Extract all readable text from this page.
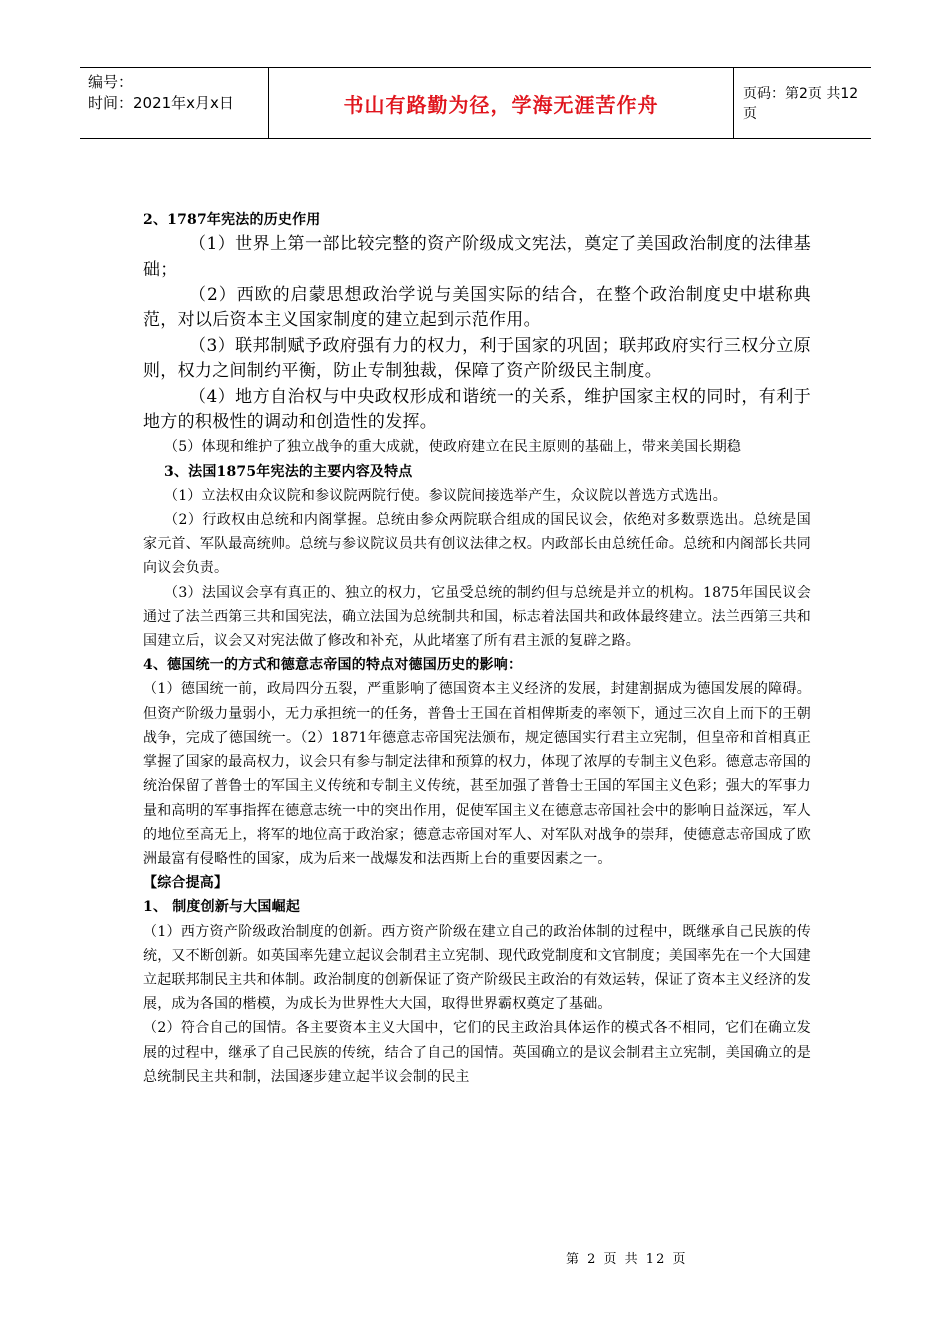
编号：
时间：2021年x月x日	书山有路勤为径，学海无涯苦作舟	页码：第2页 共12页

2、1787年宪法的历史作用

（1）世界上第一部比较完整的资产阶级成文宪法，奠定了美国政治制度的法律基础；

（2）西欧的启蒙思想政治学说与美国实际的结合，在整个政治制度史中堪称典范，对以后资本主义国家制度的建立起到示范作用。

（3）联邦制赋予政府强有力的权力，利于国家的巩固；联邦政府实行三权分立原则，权力之间制约平衡，防止专制独裁，保障了资产阶级民主制度。

（4）地方自治权与中央政权形成和谐统一的关系，维护国家主权的同时，有利于地方的积极性的调动和创造性的发挥。

（5）体现和维护了独立战争的重大成就，使政府建立在民主原则的基础上，带来美国长期稳

3、法国1875年宪法的主要内容及特点

（1）立法权由众议院和参议院两院行使。参议院间接选举产生，众议院以普选方式选出。

（2）行政权由总统和内阁掌握。总统由参众两院联合组成的国民议会，依绝对多数票选出。总统是国家元首、军队最高统帅。总统与参议院议员共有创议法律之权。内政部长由总统任命。总统和内阁部长共同向议会负责。

（3）法国议会享有真正的、独立的权力，它虽受总统的制约但与总统是并立的机构。1875年国民议会通过了法兰西第三共和国宪法，确立法国为总统制共和国，标志着法国共和政体最终建立。法兰西第三共和国建立后，议会又对宪法做了修改和补充，从此堵塞了所有君主派的复辟之路。

4、德国统一的方式和德意志帝国的特点对德国历史的影响：

（1）德国统一前，政局四分五裂，严重影响了德国资本主义经济的发展，封建割据成为德国发展的障碍。但资产阶级力量弱小，无力承担统一的任务，普鲁士王国在首相俾斯麦的率领下，通过三次自上而下的王朝战争，完成了德国统一。（2）1871年德意志帝国宪法颁布，规定德国实行君主立宪制，但皇帝和首相真正掌握了国家的最高权力，议会只有参与制定法律和预算的权力，体现了浓厚的专制主义色彩。德意志帝国的统治保留了普鲁士的军国主义传统和专制主义传统，甚至加强了普鲁士王国的军国主义色彩；强大的军事力量和高明的军事指挥在德意志统一中的突出作用，促使军国主义在德意志帝国社会中的影响日益深远，军人的地位至高无上，将军的地位高于政治家；德意志帝国对军人、对军队对战争的崇拜，使德意志帝国成了欧洲最富有侵略性的国家，成为后来一战爆发和法西斯上台的重要因素之一。

【综合提高】

1、 制度创新与大国崛起

（1）西方资产阶级政治制度的创新。西方资产阶级在建立自己的政治体制的过程中，既继承自己民族的传统，又不断创新。如英国率先建立起议会制君主立宪制、现代政党制度和文官制度；美国率先在一个大国建立起联邦制民主共和体制。政治制度的创新保证了资产阶级民主政治的有效运转，保证了资本主义经济的发展，成为各国的楷模，为成长为世界性大大国，取得世界霸权奠定了基础。

（2）符合自己的国情。各主要资本主义大国中，它们的民主政治具体运作的模式各不相同，它们在确立发展的过程中，继承了自己民族的传统，结合了自己的国情。英国确立的是议会制君主立宪制，美国确立的是总统制民主共和制，法国逐步建立起半议会制的民主

第 2 页 共 12 页
